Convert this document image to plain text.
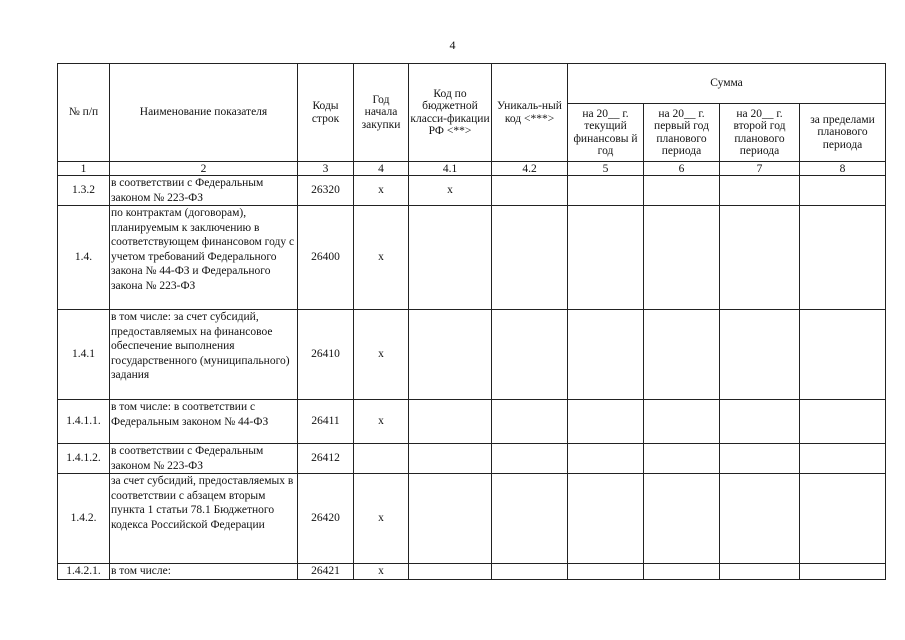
4
№ п/п	Наименование показателя	Коды строк	Год начала закупки	Код по бюджетной класси-фикации РФ <**>	Уникаль-ный код <***>	Сумма			
						на 20__ г. текущий финансовы й год	на 20__ г. первый год планового периода	на 20__ г. второй год планового периода	за пределами планового периода
1	2	3	4	4.1	4.2	5	6	7	8
1.3.2	в соответствии с Федеральным законом № 223-ФЗ	26320	x	x					
1.4.	по контрактам (договорам), планируемым к заключению в соответствующем финансовом году с учетом требований Федерального закона № 44-ФЗ и Федерального закона № 223-ФЗ	26400	x						
1.4.1	в том числе: за счет субсидий, предоставляемых на финансовое обеспечение выполнения государственного (муниципального) задания	26410	x						
1.4.1.1.	в том числе: в соответствии с Федеральным законом № 44-ФЗ	26411	x						
1.4.1.2.	в соответствии с Федеральным законом № 223-ФЗ	26412							
1.4.2.	за счет субсидий, предоставляемых в соответствии с абзацем вторым пункта 1 статьи 78.1 Бюджетного кодекса Российской Федерации	26420	x						
1.4.2.1.	в том числе:	26421	x						
